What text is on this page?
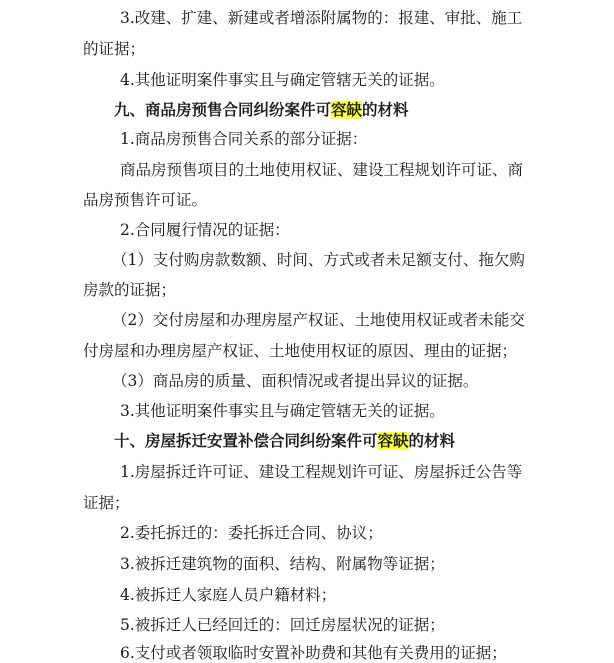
3.改建、扩建、新建或者增添附属物的：报建、审批、施工
的证据；
4.其他证明案件事实且与确定管辖无关的证据。
九、商品房预售合同纠纷案件可容缺的材料
1.商品房预售合同关系的部分证据：
商品房预售项目的土地使用权证、建设工程规划许可证、商
品房预售许可证。
2.合同履行情况的证据：
（1）支付购房款数额、时间、方式或者未足额支付、拖欠购
房款的证据；
（2）交付房屋和办理房屋产权证、土地使用权证或者未能交
付房屋和办理房屋产权证、土地使用权证的原因、理由的证据；
（3）商品房的质量、面积情况或者提出异议的证据。
3.其他证明案件事实且与确定管辖无关的证据。
十、房屋拆迁安置补偿合同纠纷案件可容缺的材料
1.房屋拆迁许可证、建设工程规划许可证、房屋拆迁公告等
证据；
2.委托拆迁的：委托拆迁合同、协议；
3.被拆迁建筑物的面积、结构、附属物等证据；
4.被拆迁人家庭人员户籍材料；
5.被拆迁人已经回迁的：回迁房屋状况的证据；
6.支付或者领取临时安置补助费和其他有关费用的证据；
